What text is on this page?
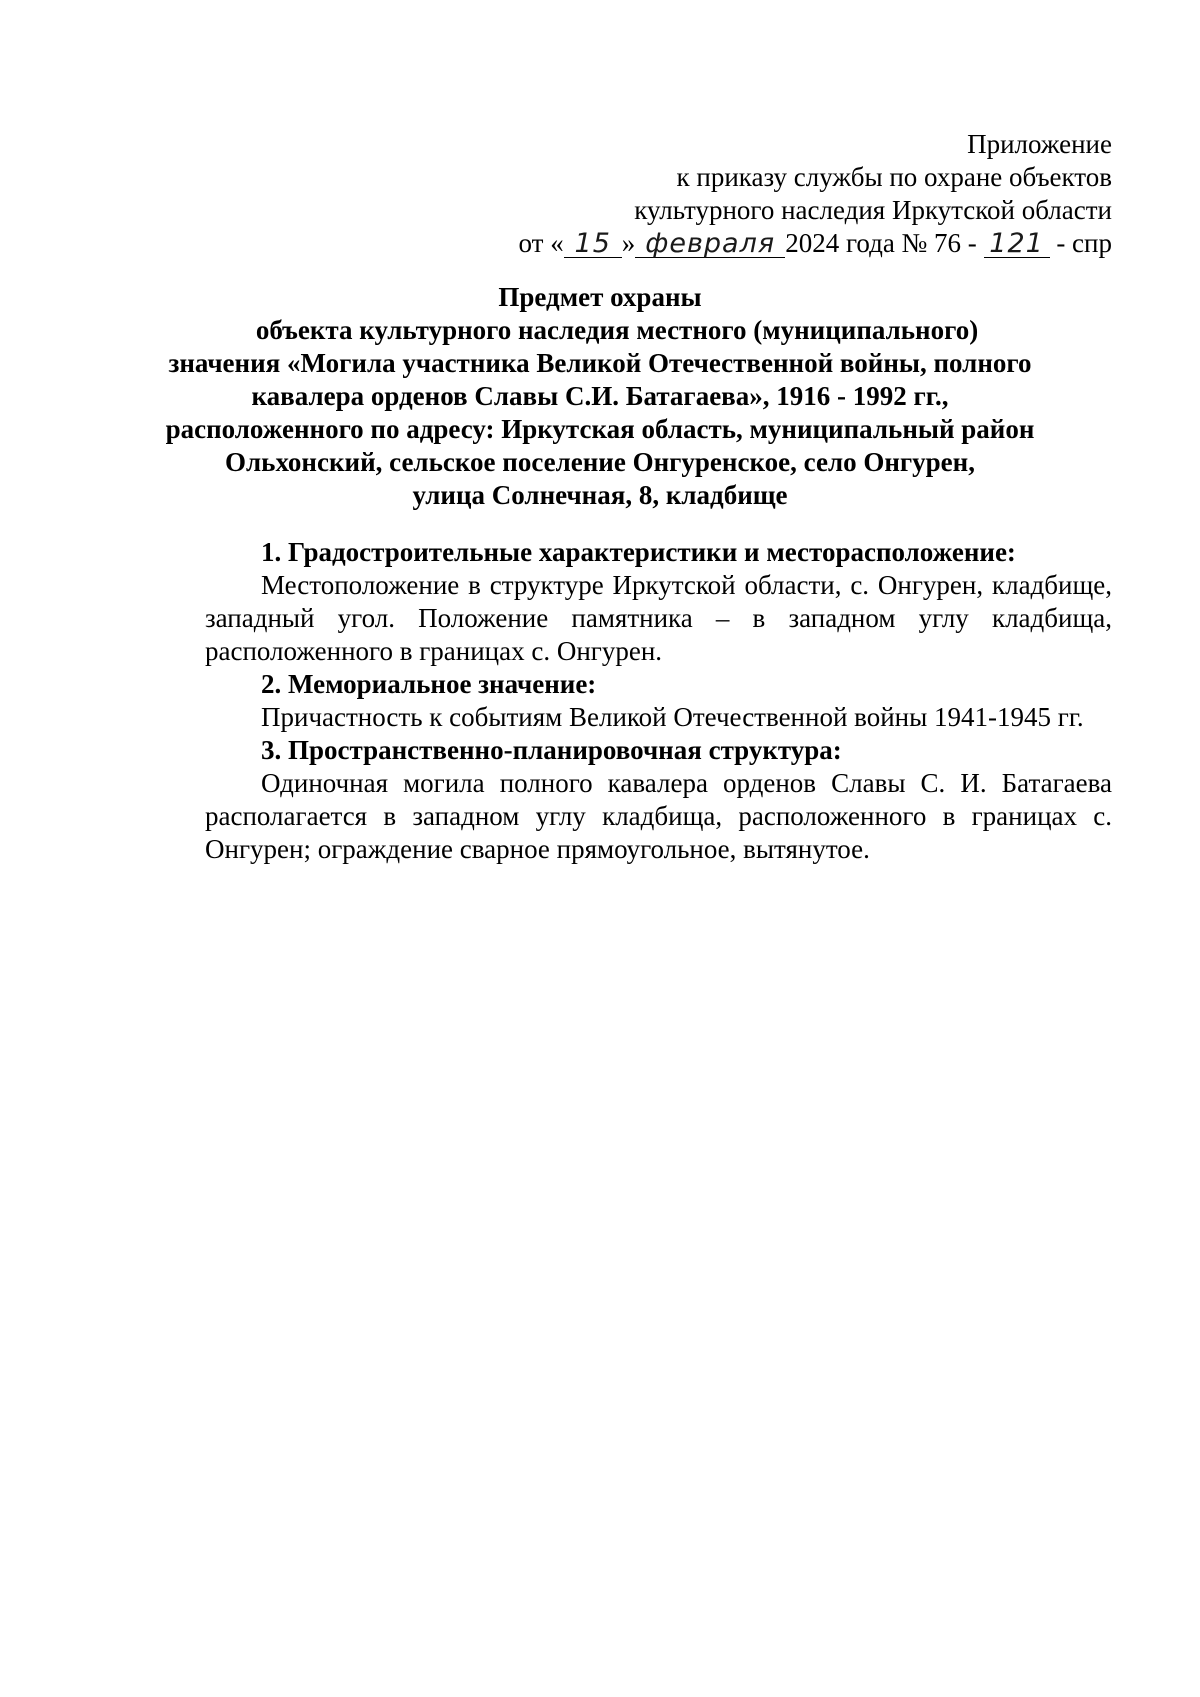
Приложение
к приказу службы по охране объектов
культурного наследия Иркутской области
от « 15 » февраля 2024 года № 76 - 121 - спр
Предмет охраны
объекта культурного наследия местного (муниципального)
значения «Могила участника Великой Отечественной войны, полного
кавалера орденов Славы С.И. Батагаева», 1916 - 1992 гг.,
расположенного по адресу: Иркутская область, муниципальный район
Ольхонский, сельское поселение Онгуренское, село Онгурен,
улица Солнечная, 8, кладбище
1. Градостроительные характеристики и месторасположение:

Местоположение в структуре Иркутской области, с. Онгурен, кладбище, западный угол. Положение памятника – в западном углу кладбища, расположенного в границах с. Онгурен.

2. Мемориальное значение:

Причастность к событиям Великой Отечественной войны 1941-1945 гг.

3. Пространственно-планировочная структура:

Одиночная могила полного кавалера орденов Славы С. И. Батагаева располагается в западном углу кладбища, расположенного в границах с. Онгурен; ограждение сварное прямоугольное, вытянутое.
